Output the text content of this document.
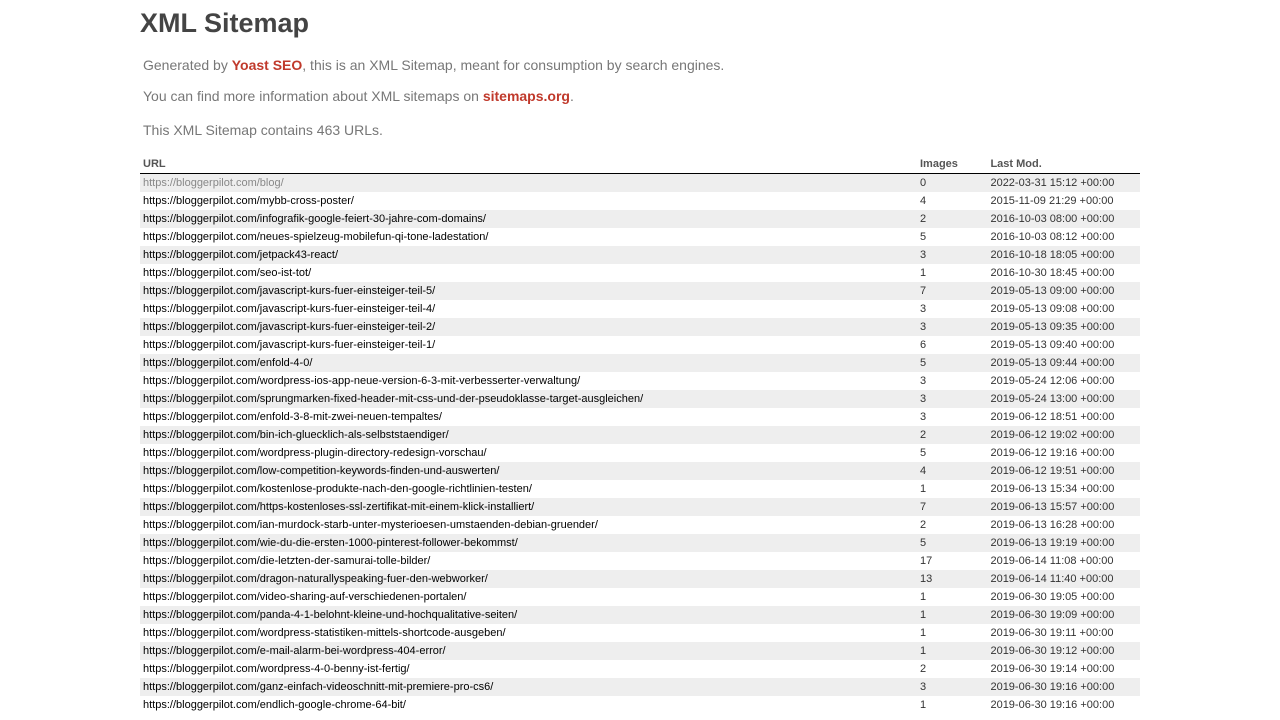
XML Sitemap

Generated by Yoast SEO, this is an XML Sitemap, meant for consumption by search engines.

You can find more information about XML sitemaps on sitemaps.org.

This XML Sitemap contains 463 URLs.

URL	Images	Last Mod.
https://bloggerpilot.com/blog/	0	2022-03-31 15:12 +00:00
https://bloggerpilot.com/mybb-cross-poster/	4	2015-11-09 21:29 +00:00
https://bloggerpilot.com/infografik-google-feiert-30-jahre-com-domains/	2	2016-10-03 08:00 +00:00
https://bloggerpilot.com/neues-spielzeug-mobilefun-qi-tone-ladestation/	5	2016-10-03 08:12 +00:00
https://bloggerpilot.com/jetpack43-react/	3	2016-10-18 18:05 +00:00
https://bloggerpilot.com/seo-ist-tot/	1	2016-10-30 18:45 +00:00
https://bloggerpilot.com/javascript-kurs-fuer-einsteiger-teil-5/	7	2019-05-13 09:00 +00:00
https://bloggerpilot.com/javascript-kurs-fuer-einsteiger-teil-4/	3	2019-05-13 09:08 +00:00
https://bloggerpilot.com/javascript-kurs-fuer-einsteiger-teil-2/	3	2019-05-13 09:35 +00:00
https://bloggerpilot.com/javascript-kurs-fuer-einsteiger-teil-1/	6	2019-05-13 09:40 +00:00
https://bloggerpilot.com/enfold-4-0/	5	2019-05-13 09:44 +00:00
https://bloggerpilot.com/wordpress-ios-app-neue-version-6-3-mit-verbesserter-verwaltung/	3	2019-05-24 12:06 +00:00
https://bloggerpilot.com/sprungmarken-fixed-header-mit-css-und-der-pseudoklasse-target-ausgleichen/	3	2019-05-24 13:00 +00:00
https://bloggerpilot.com/enfold-3-8-mit-zwei-neuen-tempaltes/	3	2019-06-12 18:51 +00:00
https://bloggerpilot.com/bin-ich-gluecklich-als-selbststaendiger/	2	2019-06-12 19:02 +00:00
https://bloggerpilot.com/wordpress-plugin-directory-redesign-vorschau/	5	2019-06-12 19:16 +00:00
https://bloggerpilot.com/low-competition-keywords-finden-und-auswerten/	4	2019-06-12 19:51 +00:00
https://bloggerpilot.com/kostenlose-produkte-nach-den-google-richtlinien-testen/	1	2019-06-13 15:34 +00:00
https://bloggerpilot.com/https-kostenloses-ssl-zertifikat-mit-einem-klick-installiert/	7	2019-06-13 15:57 +00:00
https://bloggerpilot.com/ian-murdock-starb-unter-mysterioesen-umstaenden-debian-gruender/	2	2019-06-13 16:28 +00:00
https://bloggerpilot.com/wie-du-die-ersten-1000-pinterest-follower-bekommst/	5	2019-06-13 19:19 +00:00
https://bloggerpilot.com/die-letzten-der-samurai-tolle-bilder/	17	2019-06-14 11:08 +00:00
https://bloggerpilot.com/dragon-naturallyspeaking-fuer-den-webworker/	13	2019-06-14 11:40 +00:00
https://bloggerpilot.com/video-sharing-auf-verschiedenen-portalen/	1	2019-06-30 19:05 +00:00
https://bloggerpilot.com/panda-4-1-belohnt-kleine-und-hochqualitative-seiten/	1	2019-06-30 19:09 +00:00
https://bloggerpilot.com/wordpress-statistiken-mittels-shortcode-ausgeben/	1	2019-06-30 19:11 +00:00
https://bloggerpilot.com/e-mail-alarm-bei-wordpress-404-error/	1	2019-06-30 19:12 +00:00
https://bloggerpilot.com/wordpress-4-0-benny-ist-fertig/	2	2019-06-30 19:14 +00:00
https://bloggerpilot.com/ganz-einfach-videoschnitt-mit-premiere-pro-cs6/	3	2019-06-30 19:16 +00:00
https://bloggerpilot.com/endlich-google-chrome-64-bit/	1	2019-06-30 19:16 +00:00
